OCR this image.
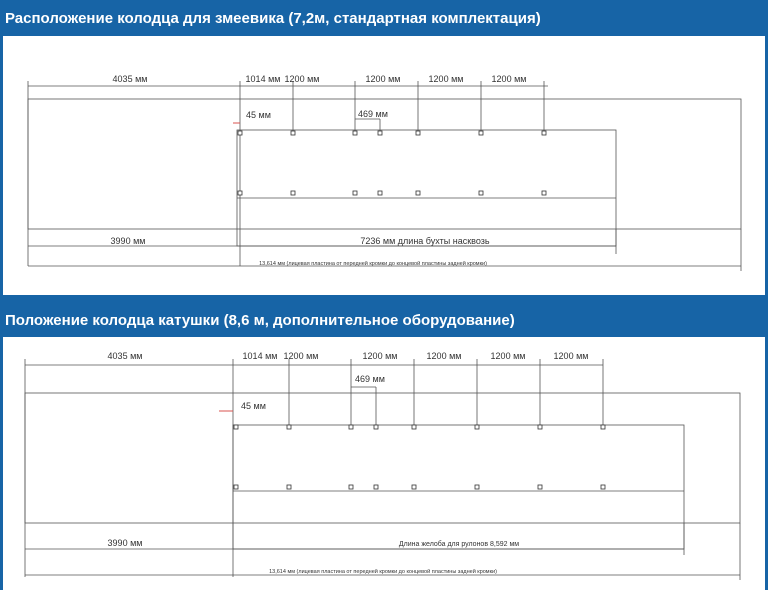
Расположение колодца для змеевика (7,2м, стандартная комплектация)
4035 мм	1014 мм 1200 мм	1200 мм	1200 мм	1200 мм
45 мм	469 мм
3990 мм	7236 мм длина бухты насквозь
13,614 мм (лицевая пластина от передней кромки до концевой пластины задней кромки)
Положение колодца катушки (8,6 м, дополнительное оборудование)
4035 мм	1014 мм 1200 мм	1200 мм	1200 мм	1200 мм	1200 мм
45 мм
469 мм
3990 мм	Длина желоба для рулонов 8,592 мм
13,614 мм (лицевая пластина от передней кромки до концевой пластины задней кромки)
